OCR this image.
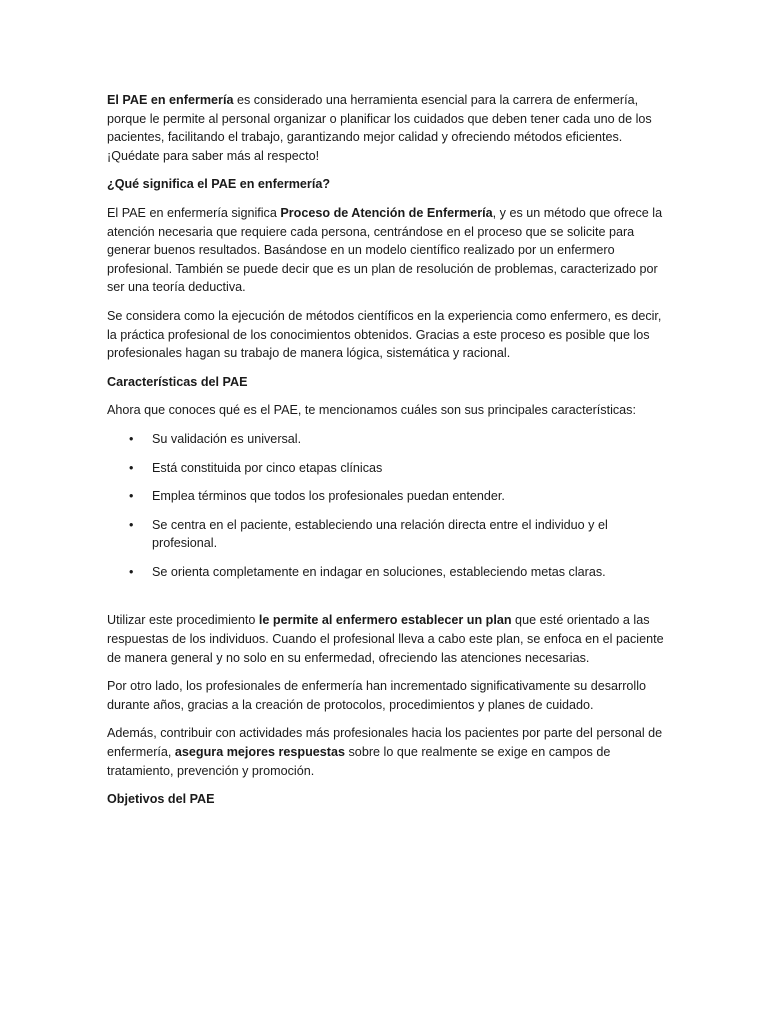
El PAE en enfermería es considerado una herramienta esencial para la carrera de enfermería, porque le permite al personal organizar o planificar los cuidados que deben tener cada uno de los pacientes, facilitando el trabajo, garantizando mejor calidad y ofreciendo métodos eficientes. ¡Quédate para saber más al respecto!

¿Qué significa el PAE en enfermería?

El PAE en enfermería significa Proceso de Atención de Enfermería, y es un método que ofrece la atención necesaria que requiere cada persona, centrándose en el proceso que se solicite para generar buenos resultados. Basándose en un modelo científico realizado por un enfermero profesional. También se puede decir que es un plan de resolución de problemas, caracterizado por ser una teoría deductiva.

Se considera como la ejecución de métodos científicos en la experiencia como enfermero, es decir, la práctica profesional de los conocimientos obtenidos. Gracias a este proceso es posible que los profesionales hagan su trabajo de manera lógica, sistemática y racional.

Características del PAE

Ahora que conoces qué es el PAE, te mencionamos cuáles son sus principales características:

• Su validación es universal.
• Está constituida por cinco etapas clínicas
• Emplea términos que todos los profesionales puedan entender.
• Se centra en el paciente, estableciendo una relación directa entre el individuo y el profesional.
• Se orienta completamente en indagar en soluciones, estableciendo metas claras.

Utilizar este procedimiento le permite al enfermero establecer un plan que esté orientado a las respuestas de los individuos. Cuando el profesional lleva a cabo este plan, se enfoca en el paciente de manera general y no solo en su enfermedad, ofreciendo las atenciones necesarias.

Por otro lado, los profesionales de enfermería han incrementado significativamente su desarrollo durante años, gracias a la creación de protocolos, procedimientos y planes de cuidado.

Además, contribuir con actividades más profesionales hacia los pacientes por parte del personal de enfermería, asegura mejores respuestas sobre lo que realmente se exige en campos de tratamiento, prevención y promoción.

Objetivos del PAE
